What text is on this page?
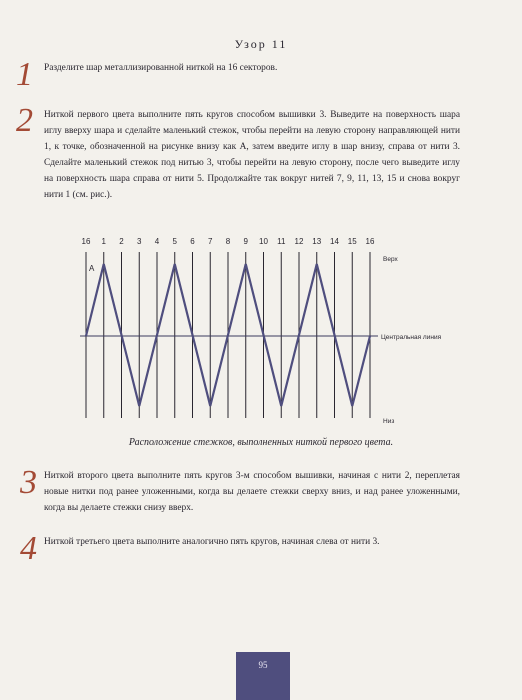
Узор 11
1 Разделите шар металлизированной ниткой на 16 секторов.
2 Ниткой первого цвета выполните пять кругов способом вышивки 3. Выведите на поверхность шара иглу вверху шара и сделайте маленький стежок, чтобы перейти на левую сторону направляющей нити 1, к точке, обозначенной на рисунке внизу как А, затем введите иглу в шар внизу, справа от нити 3. Сделайте маленький стежок под нитью 3, чтобы перейти на левую сторону, после чего выведите иглу на поверхность шара справа от нити 5. Продолжайте так вокруг нитей 7, 9, 11, 13, 15 и снова вокруг нити 1 (см. рис.).
16 1 2 3 4 5 6 7 8 9 10 11 12 13 14 15 16
А
Верх
Центральная линия
Низ
Расположение стежков, выполненных ниткой первого цвета.
3 Ниткой второго цвета выполните пять кругов 3-м способом вышивки, начиная с нити 2, переплетая новые нитки под ранее уложенными, когда вы делаете стежки сверху вниз, и над ранее уложенными, когда вы делаете стежки снизу вверх.
4 Ниткой третьего цвета выполните аналогично пять кругов, начиная слева от нити 3.
95
